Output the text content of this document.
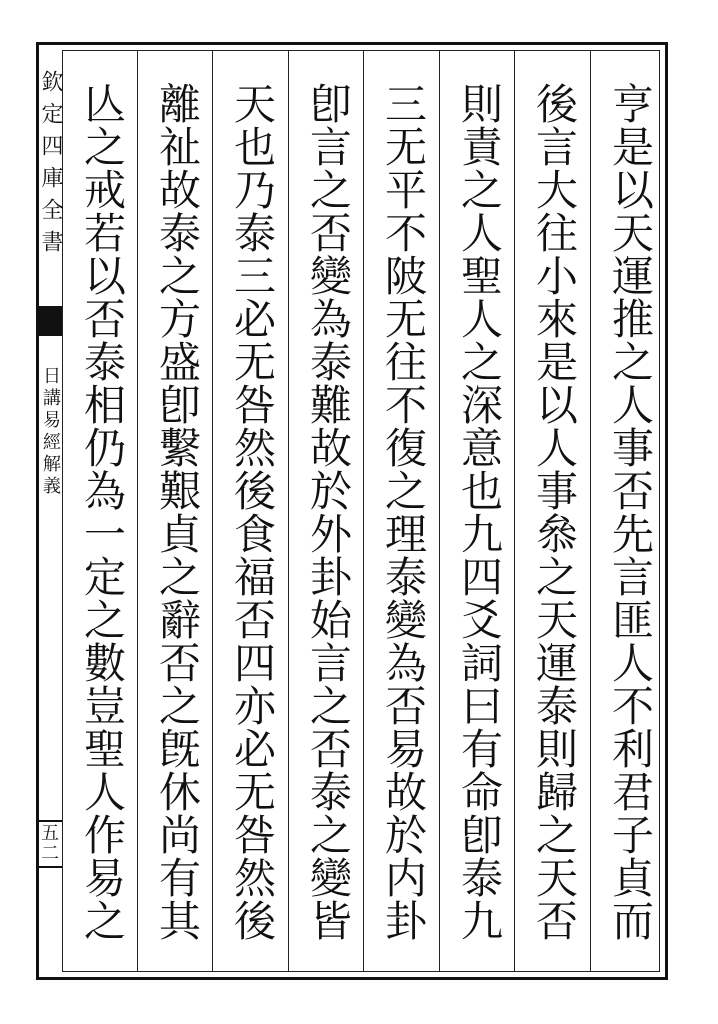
欽定四庫全書
日講易經解義
五二	亨是以天運推之人事否先言匪人不利君子貞而
後言大往小來是以人事叅之天運泰則歸之天否
則責之人聖人之深意也九四爻詞曰有命卽泰九
三无平不陂无往不復之理泰變為否易故於内卦
卽言之否變為泰難故於外卦始言之否泰之變皆
天也乃泰三必无咎然後食福否四亦必无咎然後
離祉故泰之方盛卽繫艱貞之辭否之旣休尚有其
亾之戒若以否泰相仍為一定之數豈聖人作易之
